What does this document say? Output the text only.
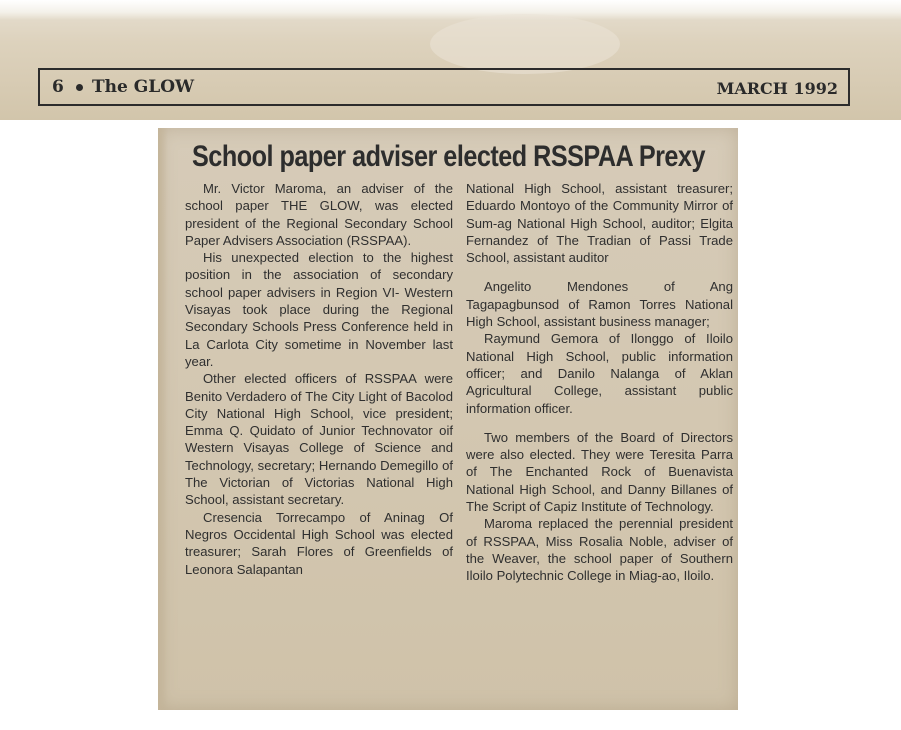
6 The GLOW	MARCH 1992
School paper adviser elected RSSPAA Prexy

Mr. Victor Maroma, an adviser of the school paper THE GLOW, was elected president of the Regional Secondary School Paper Advisers Association (RSSPAA).

His unexpected election to the highest position in the association of secondary school paper advisers in Region VI- Western Visayas took place during the Regional Secondary Schools Press Conference held in La Carlota City sometime in November last year.

Other elected officers of RSSPAA were Benito Verdadero of The City Light of Bacolod City National High School, vice president; Emma Q. Quidato of Junior Technovator oif Western Visayas College of Science and Technology, secretary; Hernando Demegillo of The Victorian of Victorias National High School, assistant secretary.

Cresencia Torrecampo of Aninag Of Negros Occidental High School was elected treasurer; Sarah Flores of Greenfields of Leonora Salapantan

National High School, assistant treasurer; Eduardo Montoyo of the Community Mirror of Sum-ag National High School, auditor; Elgita Fernandez of The Tradian of Passi Trade School, assistant auditor

Angelito Mendones of Ang Tagapagbunsod of Ramon Torres National High School, assistant business manager;

Raymund Gemora of Ilonggo of Iloilo National High School, public information officer; and Danilo Nalanga of Aklan Agricultural College, assistant public information officer.

Two members of the Board of Directors were also elected. They were Teresita Parra of The Enchanted Rock of Buenavista National High School, and Danny Billanes of The Script of Capiz Institute of Technology.

Maroma replaced the perennial president of RSSPAA, Miss Rosalia Noble, adviser of the Weaver, the school paper of Southern Iloilo Polytechnic College in Miag-ao, Iloilo.
